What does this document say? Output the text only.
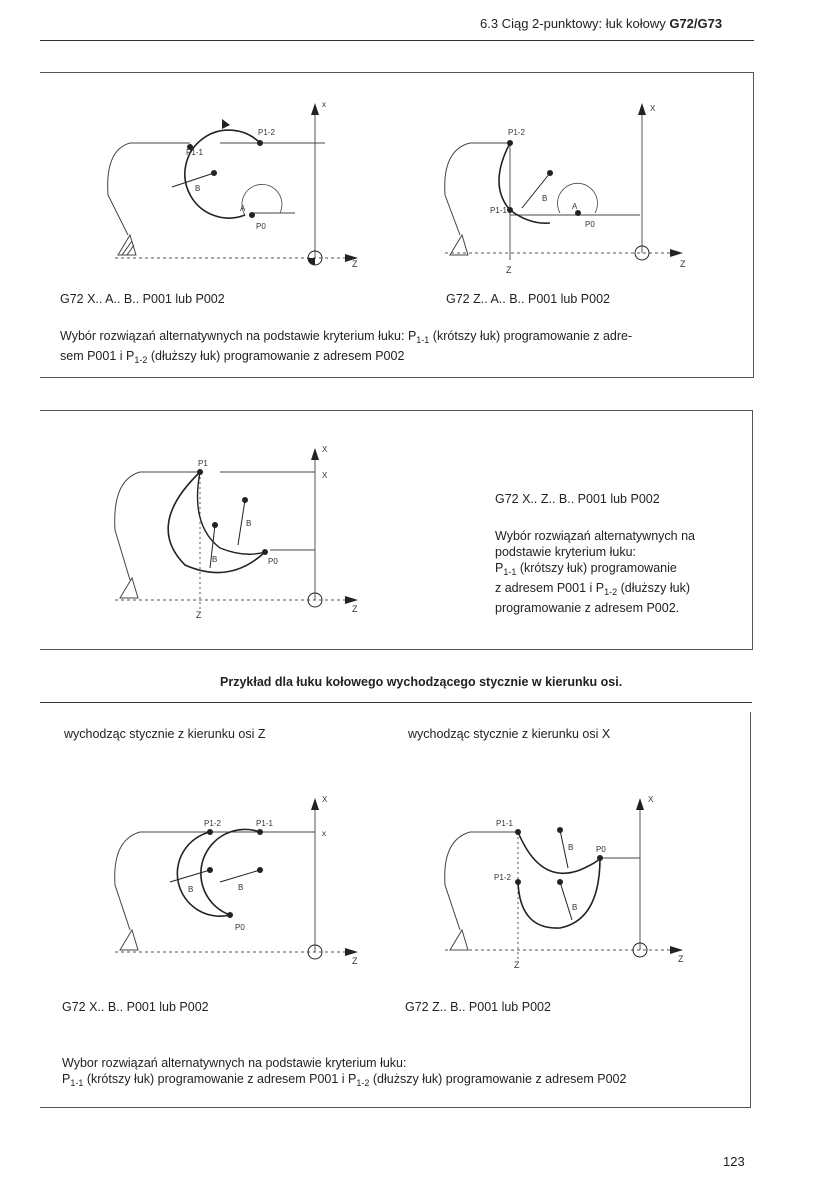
6.3 Ciąg 2-punktowy: łuk kołowy G72/G73
x
Z
P1-2
P1-1
B
A
P0
X
Z
Z
P1-2
P1-1
B
A
P0
G72 X.. A.. B.. P001 lub P002	G72 Z.. A.. B.. P001 lub P002
Wybór rozwiązań alternatywnych na podstawie kryterium łuku: $P_{1-1}$ (krótszy łuk) programowanie z adre-
sem P001 i $P_{1-2}$ (dłuższy łuk) programowanie z adresem P002
X
X
Z
Z
P1
B
B	P0
G72 X.. Z.. B.. P001 lub P002
Wybór rozwiązań alternatywnych na
podstawie kryterium łuku:
$P_{1-1}$ (krótszy łuk) programowanie
z adresem P001 i $P_{1-2}$ (dłuższy łuk)
programowanie z adresem P002.
Przykład dla łuku kołowego wychodzącego stycznie w kierunku osi.
wychodząc stycznie z kierunku osi Z	wychodząc stycznie z kierunku osi X
X
x
Z
P1-2	P1-1
B	B
P0
X
Z
Z
P1-1
P1-2
B
B
P0
G72 X.. B.. P001 lub P002	G72 Z.. B.. P001 lub P002
Wybor rozwiązań alternatywnych na podstawie kryterium łuku:
$P_{1-1}$ (krótszy łuk) programowanie z adresem P001 i $P_{1-2}$ (dłuższy łuk) programowanie z adresem P002
123
